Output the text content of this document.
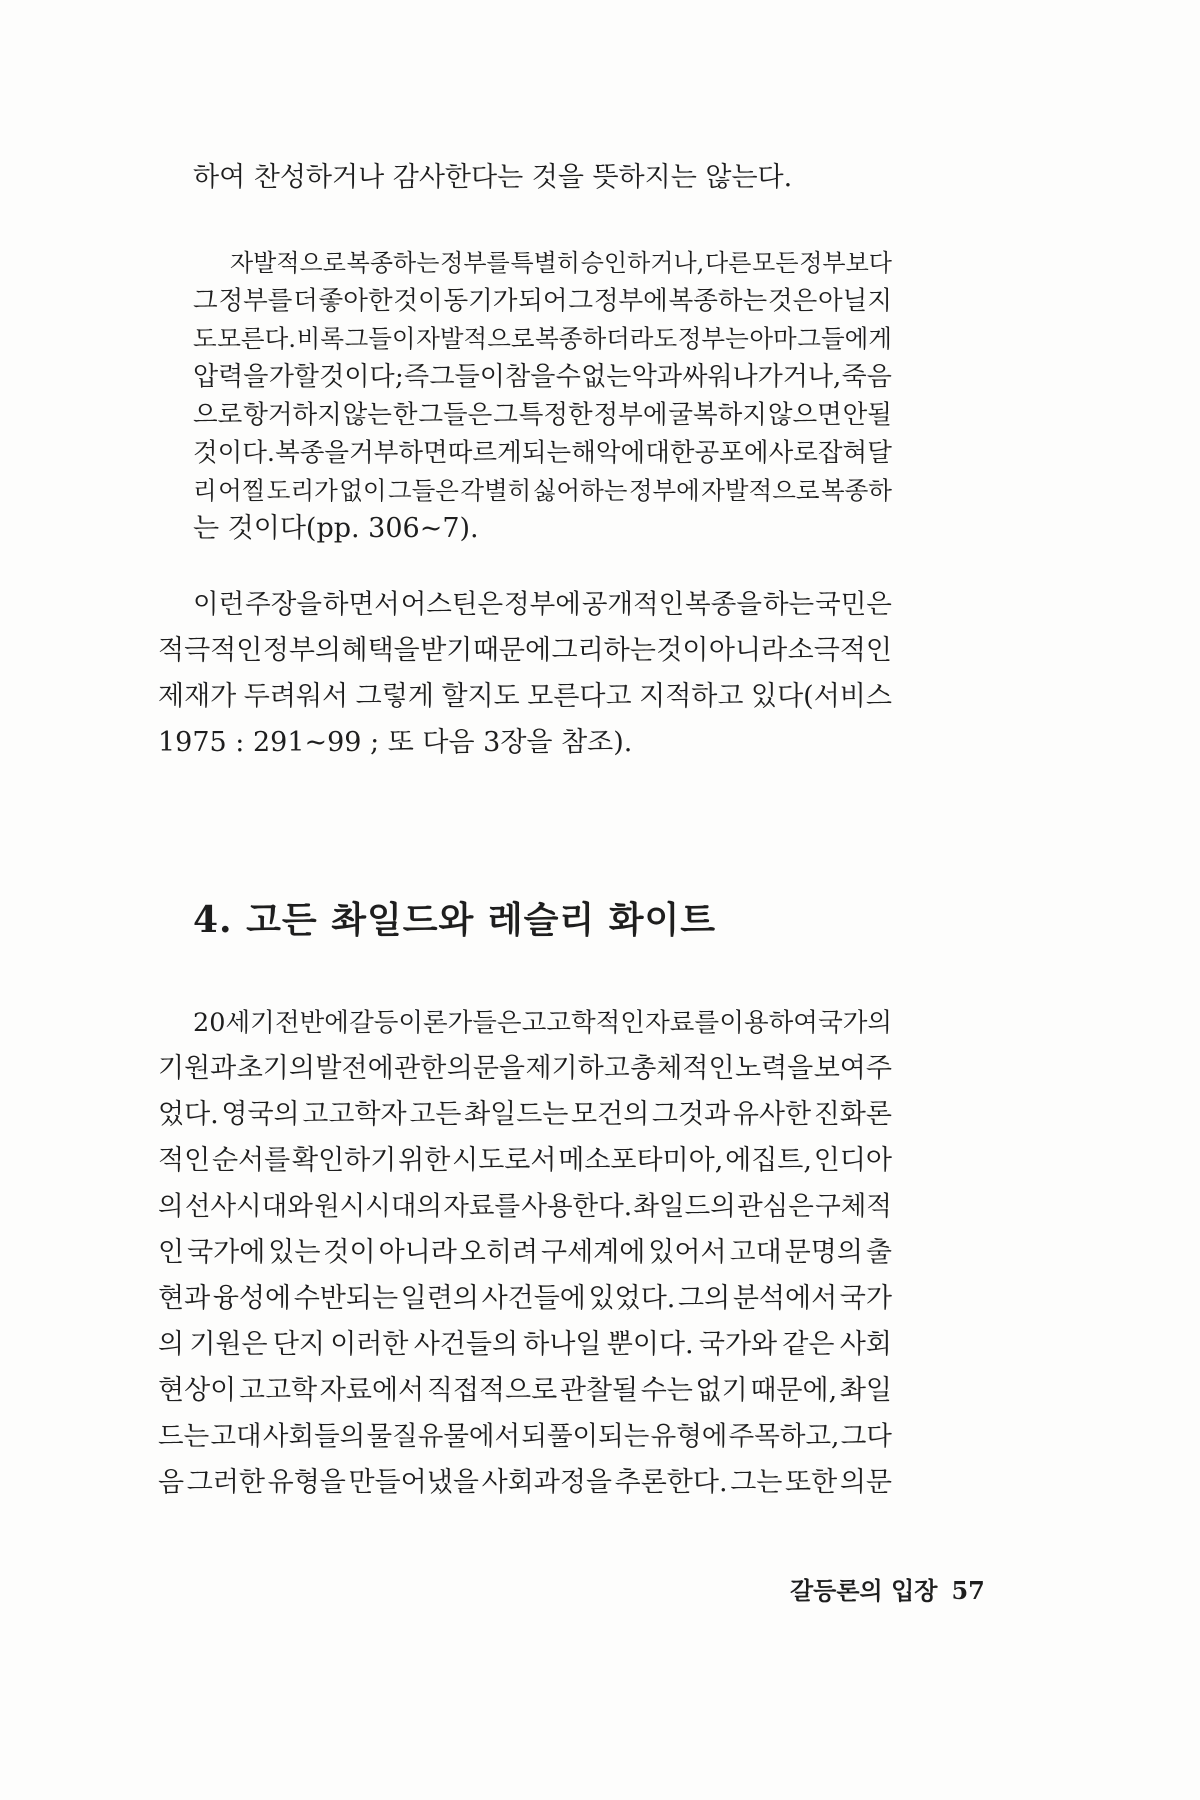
하여 찬성하거나 감사한다는 것을 뜻하지는 않는다.
자발적으로 복종하는 정부를 특별히 승인하거나, 다른 모든 정부보다
그 정부를 더 좋아한 것이 동기가 되어 그 정부에 복종하는 것은 아닐지
도 모른다. 비록 그들이 자발적으로 복종하더라도 정부는 아마 그들에게
압력을 가할 것이다 ; 즉 그들이 참을 수 없는 악과 싸워나가거나, 죽음
으로 항거하지 않는 한 그들은 그 특정한 정부에 굴복하지 않으면 안될
것이다. 복종을 거부하면 따르게 되는 해악에 대한 공포에 사로잡혀 달
리 어찔 도리가 없이 그들은 각별히 싫어하는 정부에 자발적으로 복종하
는 것이다(pp. 306~7).
이런 주장을 하면서 어스틴은 정부에 공개적인 복종을 하는 국민은
적극적인 정부의 혜택을 받기 때문에 그리하는 것이 아니라 소극적인
제재가 두려워서 그렇게 할지도 모른다고 지적하고 있다(서비스
1975 : 291~99 ; 또 다음 3장을 참조).
4. 고든 촤일드와 레슬리 화이트
20세기 전반에 갈등이론가들은 고고학적인 자료를 이용하여 국가의
기원과 초기의 발전에 관한 의문을 제기하고 총체적인 노력을 보여주
었다. 영국의 고고학자 고든 촤일드는 모건의 그것과 유사한 진화론
적인 순서를 확인하기 위한 시도로서 메소포타미아, 에집트, 인디아
의 선사시대와 원시시대의 자료를 사용한다. 촤일드의 관심은 구체적
인 국가에 있는 것이 아니라 오히려 구세계에 있어서 고대 문명의 출
현과 융성에 수반되는 일련의 사건들에 있었다. 그의 분석에서 국가
의 기원은 단지 이러한 사건들의 하나일 뿐이다. 국가와 같은 사회
현상이 고고학 자료에서 직접적으로 관찰될 수는 없기 때문에, 촤일
드는 고대 사회들의 물질유물에서 되풀이되는 유형에 주목하고, 그다
음 그러한 유형을 만들어냈을 사회과정을 추론한다. 그는 또한 의문
갈등론의 입장 57
